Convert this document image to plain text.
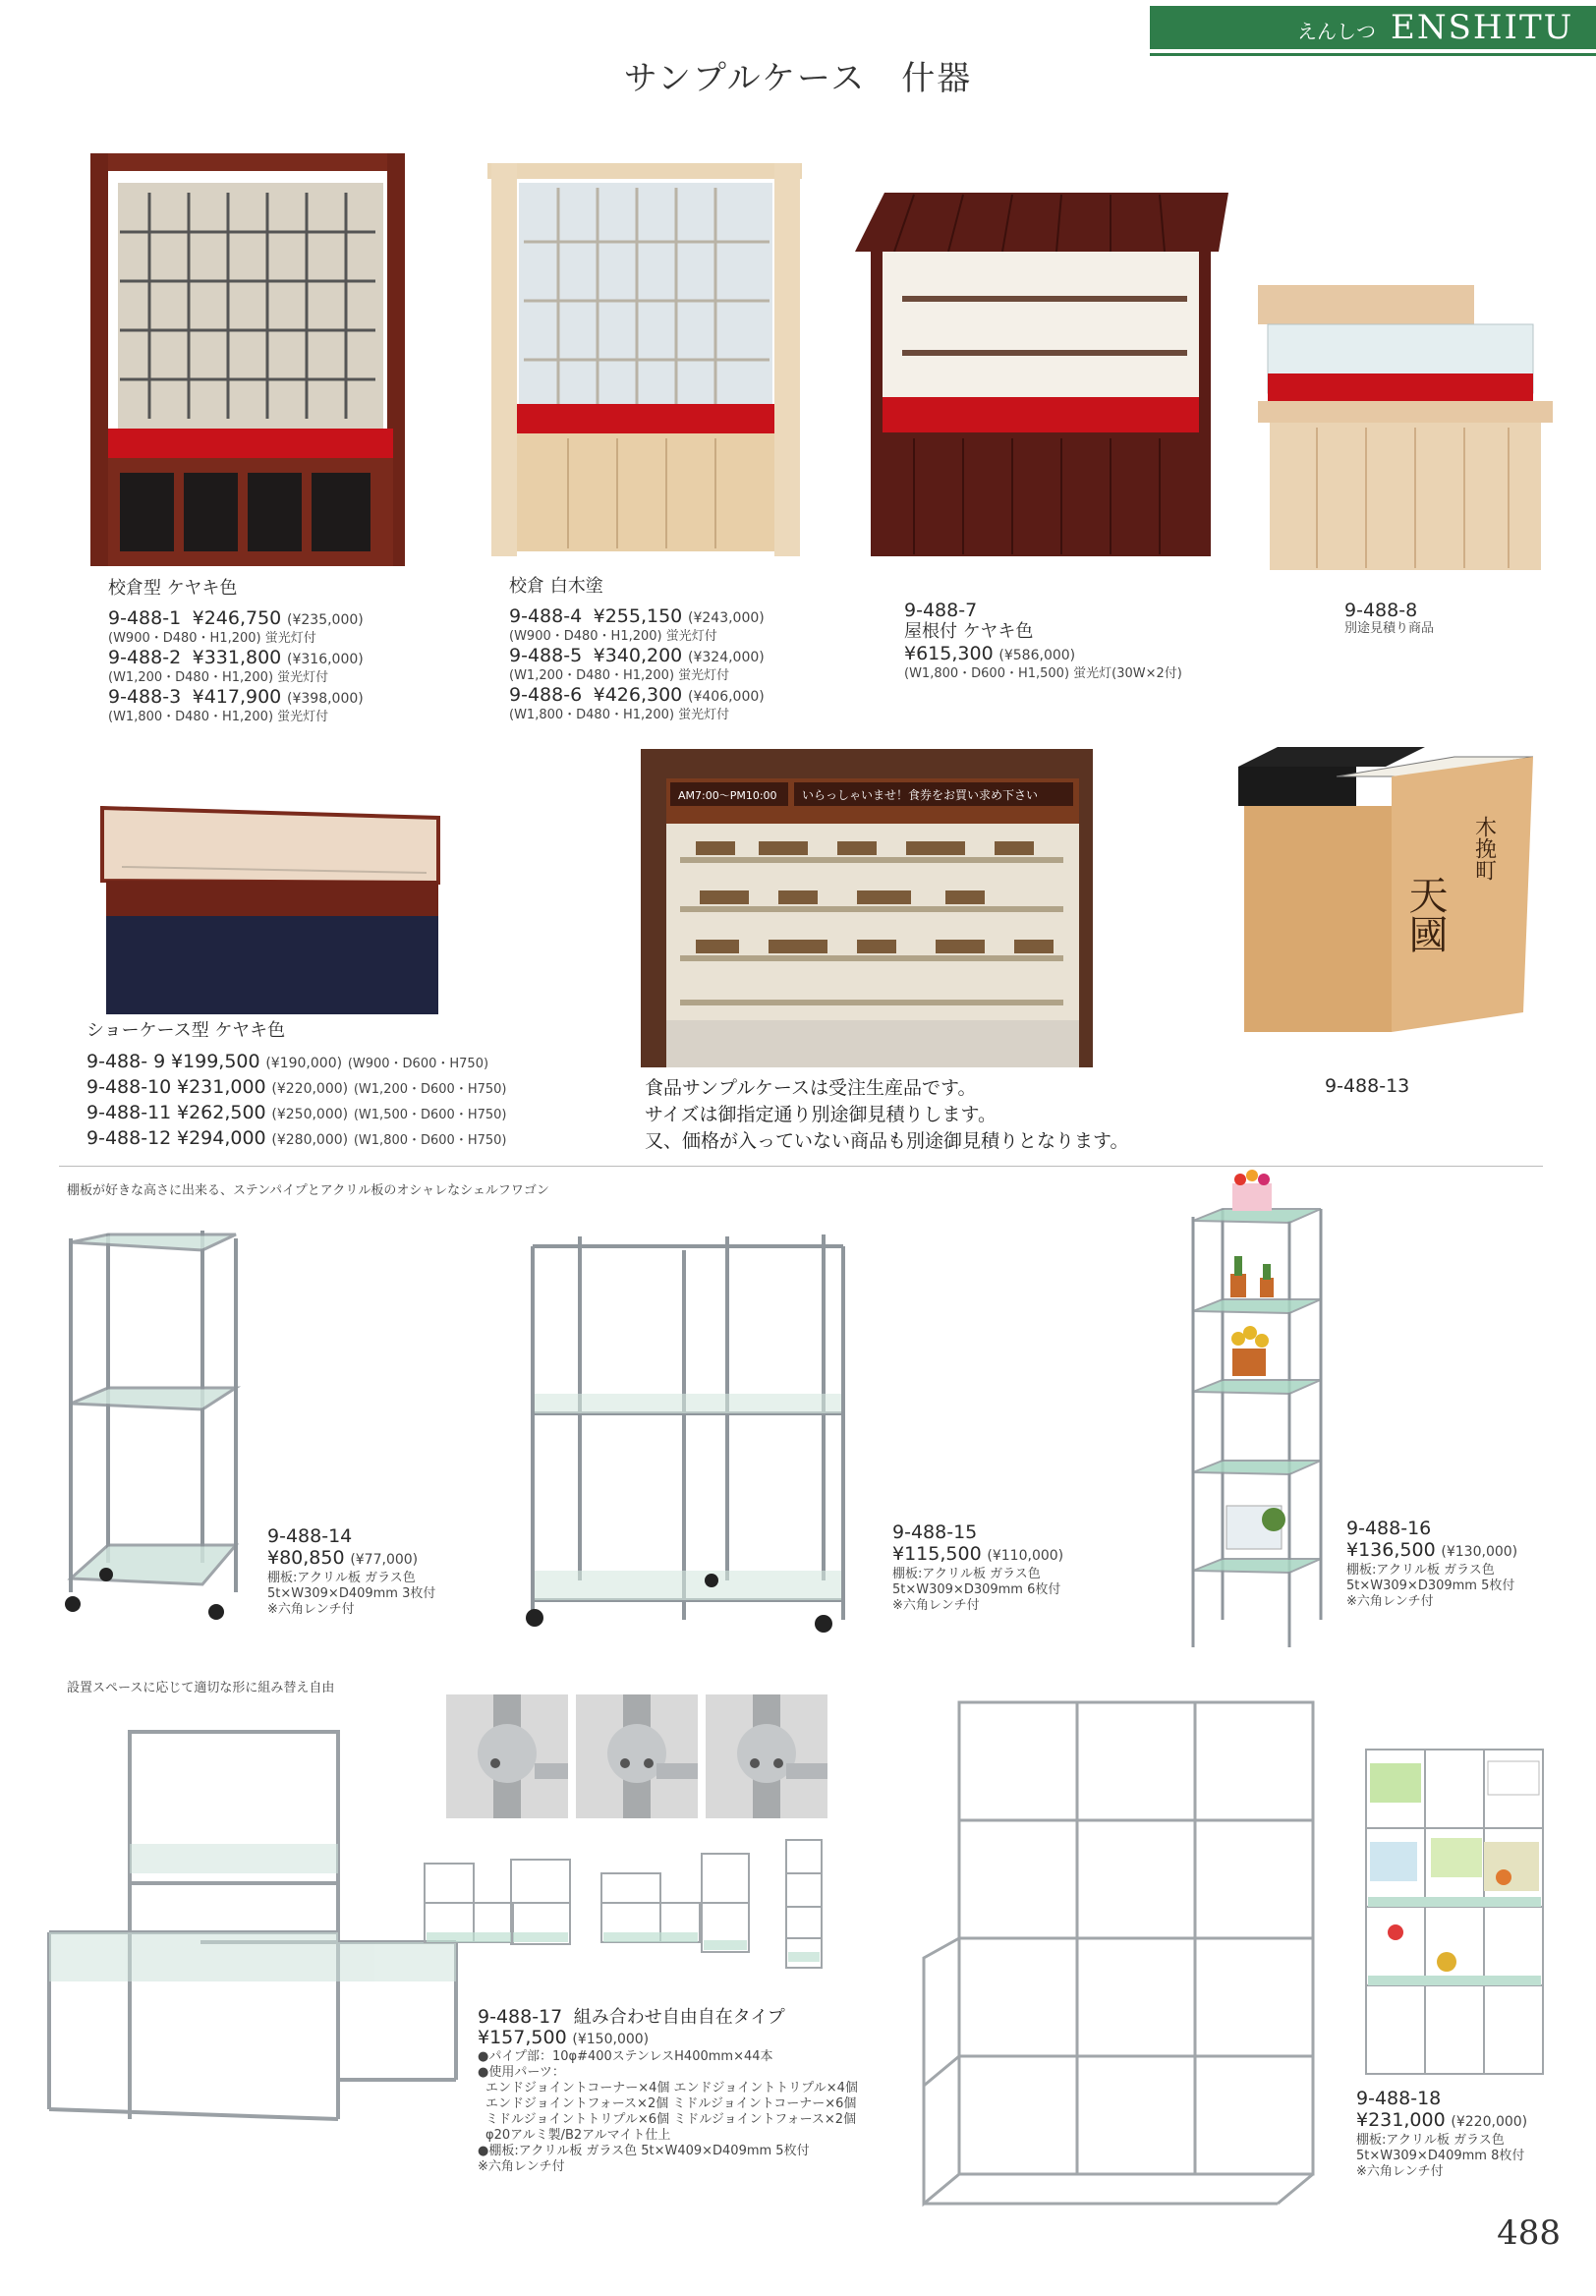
えんしつ ENSHITU
サンプルケース　什器
校倉型 ケヤキ色
9-488-1 ¥246,750 (¥235,000)
(W900・D480・H1,200) 蛍光灯付
9-488-2 ¥331,800 (¥316,000)
(W1,200・D480・H1,200) 蛍光灯付
9-488-3 ¥417,900 (¥398,000)
(W1,800・D480・H1,200) 蛍光灯付
校倉 白木塗
9-488-4 ¥255,150 (¥243,000)
(W900・D480・H1,200) 蛍光灯付
9-488-5 ¥340,200 (¥324,000)
(W1,200・D480・H1,200) 蛍光灯付
9-488-6 ¥426,300 (¥406,000)
(W1,800・D480・H1,200) 蛍光灯付
9-488-7
屋根付 ケヤキ色
¥615,300 (¥586,000)
(W1,800・D600・H1,500) 蛍光灯(30W×2付)
9-488-8
別途見積り商品
AM7:00～PM10:00 いらっしゃいませ！食券をお買い求め下さい
天國
木挽町
ショーケース型 ケヤキ色
9-488- 9 ¥199,500 (¥190,000) (W900・D600・H750)
9-488-10 ¥231,000 (¥220,000) (W1,200・D600・H750)
9-488-11 ¥262,500 (¥250,000) (W1,500・D600・H750)
9-488-12 ¥294,000 (¥280,000) (W1,800・D600・H750)
食品サンプルケースは受注生産品です。
サイズは御指定通り別途御見積りします。
又、価格が入っていない商品も別途御見積りとなります。
9-488-13
棚板が好きな高さに出来る、ステンパイプとアクリル板のオシャレなシェルフワゴン
9-488-14
¥80,850 (¥77,000)
棚板:アクリル板 ガラス色
5t×W309×D409mm 3枚付
※六角レンチ付
9-488-15
¥115,500 (¥110,000)
棚板:アクリル板 ガラス色
5t×W309×D309mm 6枚付
※六角レンチ付
9-488-16
¥136,500 (¥130,000)
棚板:アクリル板 ガラス色
5t×W309×D309mm 5枚付
※六角レンチ付
設置スペースに応じて適切な形に組み替え自由
9-488-17 組み合わせ自由自在タイプ
¥157,500 (¥150,000)
●パイプ部：10φ#400ステンレスH400mm×44本
●使用パーツ：
エンドジョイントコーナー×4個 エンドジョイントトリプル×4個
エンドジョイントフォース×2個 ミドルジョイントコーナー×6個
ミドルジョイントトリプル×6個 ミドルジョイントフォース×2個
φ20アルミ製/B2アルマイト仕上
●棚板:アクリル板 ガラス色 5t×W409×D409mm 5枚付
※六角レンチ付
9-488-18
¥231,000 (¥220,000)
棚板:アクリル板 ガラス色
5t×W309×D409mm 8枚付
※六角レンチ付
488
